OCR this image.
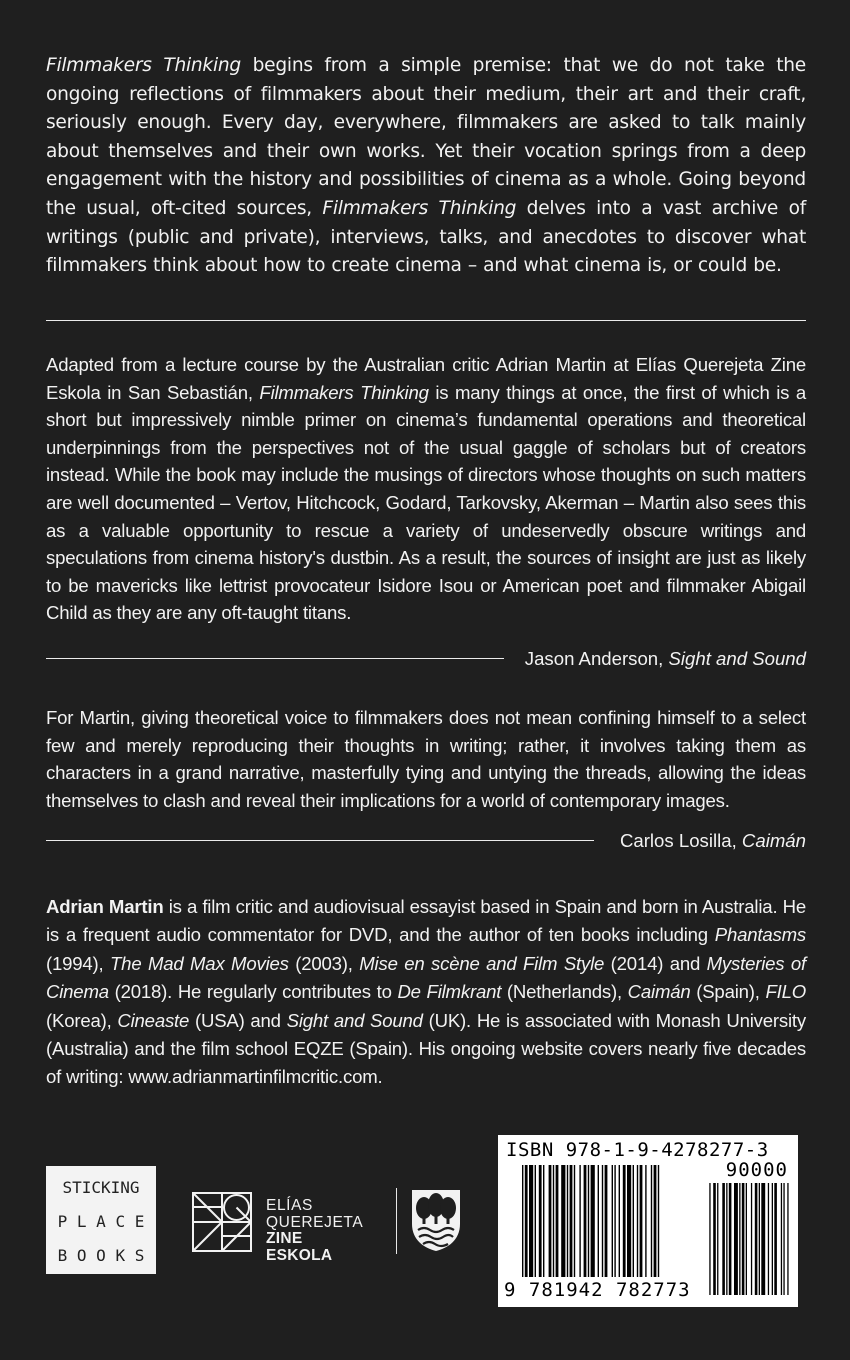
Filmmakers Thinking begins from a simple premise: that we do not take the ongoing reflections of filmmakers about their medium, their art and their craft, seriously enough. Every day, everywhere, filmmakers are asked to talk mainly about themselves and their own works. Yet their vocation springs from a deep engagement with the history and possibilities of cinema as a whole. Going beyond the usual, oft-cited sources, Filmmakers Thinking delves into a vast archive of writings (public and private), interviews, talks, and anecdotes to discover what filmmakers think about how to create cinema – and what cinema is, or could be.

Adapted from a lecture course by the Australian critic Adrian Martin at Elías Querejeta Zine Eskola in San Sebastián, Filmmakers Thinking is many things at once, the first of which is a short but impressively nimble primer on cinema’s fundamental operations and theoretical underpinnings from the perspectives not of the usual gaggle of scholars but of creators instead. While the book may include the musings of directors whose thoughts on such matters are well documented – Vertov, Hitchcock, Godard, Tarkovsky, Akerman – Martin also sees this as a valuable opportunity to rescue a variety of undeservedly obscure writings and speculations from cinema history's dustbin. As a result, the sources of insight are just as likely to be mavericks like lettrist provocateur Isidore Isou or American poet and filmmaker Abigail Child as they are any oft-taught titans.

Jason Anderson, Sight and Sound

For Martin, giving theoretical voice to filmmakers does not mean confining himself to a select few and merely reproducing their thoughts in writing; rather, it involves taking them as characters in a grand narrative, masterfully tying and untying the threads, allowing the ideas themselves to clash and reveal their implications for a world of contemporary images.

Carlos Losilla, Caimán

Adrian Martin is a film critic and audiovisual essayist based in Spain and born in Australia. He is a frequent audio commentator for DVD, and the author of ten books including Phantasms (1994), The Mad Max Movies (2003), Mise en scène and Film Style (2014) and Mysteries of Cinema (2018). He regularly contributes to De Filmkrant (Netherlands), Caimán (Spain), FILO (Korea), Cineaste (USA) and Sight and Sound (UK). He is associated with Monash University (Australia) and the film school EQZE (Spain). His ongoing website covers nearly five decades of writing: www.adrianmartinfilmcritic.com.

STICKING
P L A C E
B O O K S
ELÍAS
QUEREJETA
ZINE
ESKOLA
ISBN 978-1-9-4278277-3
90000
9 781942 782773
